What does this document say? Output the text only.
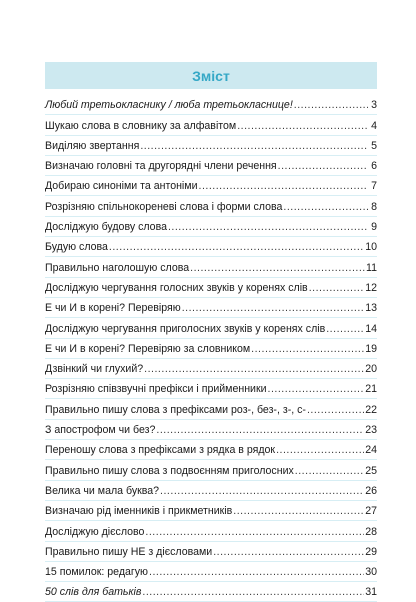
Зміст
Любий третьокласнику / люба третьокласнице! .....	3
Шукаю слова в словнику за алфавітом .....	4
Виділяю звертання .....	5
Визначаю головні та другорядні члени речення .....	6
Добираю синоніми та антоніми .....	7
Розрізняю спільнокореневі слова і форми слова .....	8
Досліджую будову слова .....	9
Будую слова .....	10
Правильно наголошую слова .....	11
Досліджую чергування голосних звуків у коренях слів .....	12
Е чи И в корені? Перевіряю .....	13
Досліджую чергування приголосних звуків у коренях слів .....	14
Е чи И в корені? Перевіряю за словником .....	19
Дзвінкий чи глухий? .....	20
Розрізняю співзвучні префікси і прийменники .....	21
Правильно пишу слова з префіксами роз-, без-, з-, с- .....	22
З апострофом чи без? .....	23
Переношу слова з префіксами з рядка в рядок .....	24
Правильно пишу слова з подвоєнням приголосних .....	25
Велика чи мала буква? .....	26
Визначаю рід іменників і прикметників .....	27
Досліджую дієслово .....	28
Правильно пишу НЕ з дієсловами .....	29
15 помилок: редагую .....	30
50 слів для батьків .....	31
